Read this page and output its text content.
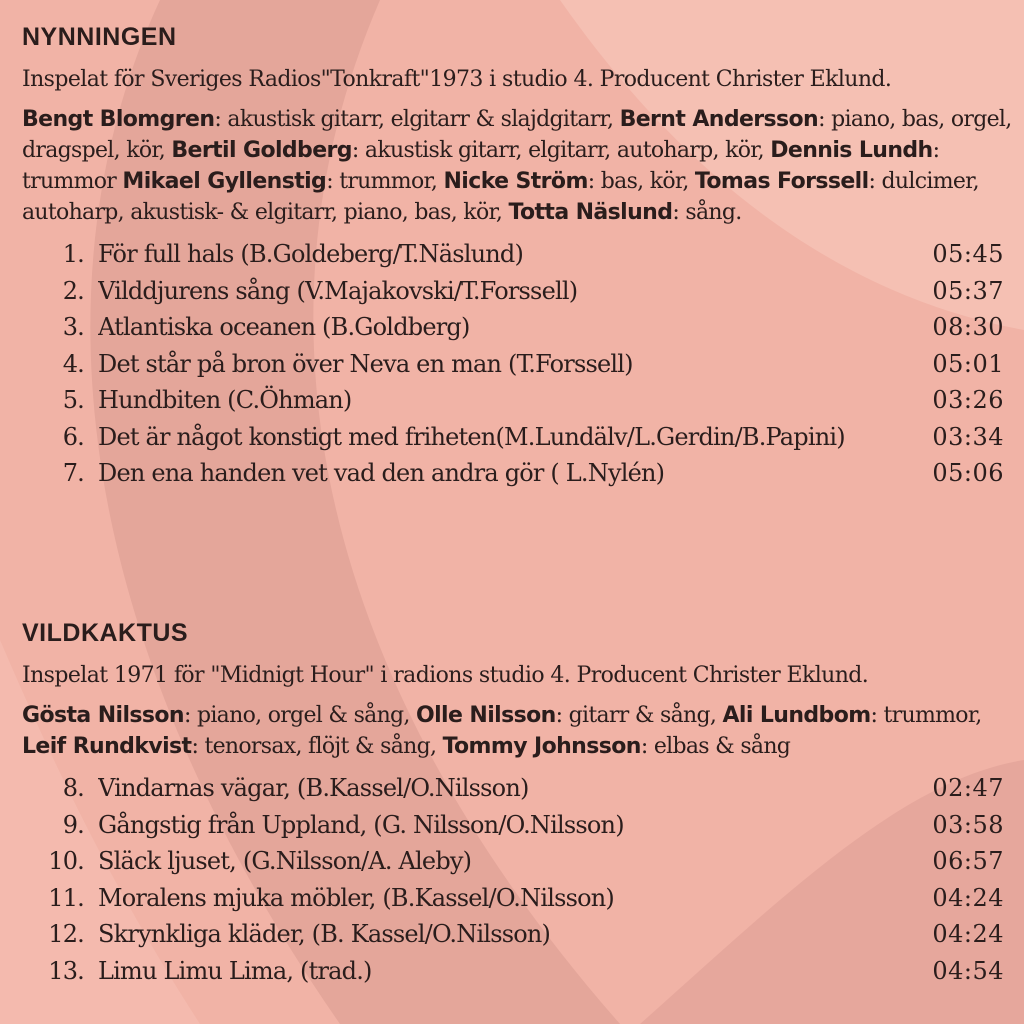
NYNNINGEN
Inspelat för Sveriges Radios"Tonkraft"1973 i studio 4. Producent Christer Eklund.
Bengt Blomgren: akustisk gitarr, elgitarr & slajdgitarr, Bernt Andersson: piano, bas, orgel, dragspel, kör, Bertil Goldberg: akustisk gitarr, elgitarr, autoharp, kör, Dennis Lundh: trummor Mikael Gyllenstig: trummor, Nicke Ström: bas, kör, Tomas Forssell: dulcimer, autoharp, akustisk- & elgitarr, piano, bas, kör, Totta Näslund: sång.
1. För full hals (B.Goldeberg/T.Näslund)	05:45
2. Vilddjurens sång (V.Majakovski/T.Forssell)	05:37
3. Atlantiska oceanen (B.Goldberg)	08:30
4. Det står på bron över Neva en man (T.Forssell)	05:01
5. Hundbiten (C.Öhman)	03:26
6. Det är något konstigt med friheten(M.Lundälv/L.Gerdin/B.Papini)	03:34
7. Den ena handen vet vad den andra gör ( L.Nylén)	05:06
VILDKAKTUS
Inspelat 1971 för "Midnigt Hour" i radions studio 4. Producent Christer Eklund.
Gösta Nilsson: piano, orgel & sång, Olle Nilsson: gitarr & sång, Ali Lundbom: trummor, Leif Rundkvist: tenorsax, flöjt & sång, Tommy Johnsson: elbas & sång
8. Vindarnas vägar, (B.Kassel/O.Nilsson)	02:47
9. Gångstig från Uppland, (G. Nilsson/O.Nilsson)	03:58
10. Släck ljuset, (G.Nilsson/A. Aleby)	06:57
11. Moralens mjuka möbler, (B.Kassel/O.Nilsson)	04:24
12. Skrynkliga kläder, (B. Kassel/O.Nilsson)	04:24
13. Limu Limu Lima, (trad.)	04:54
